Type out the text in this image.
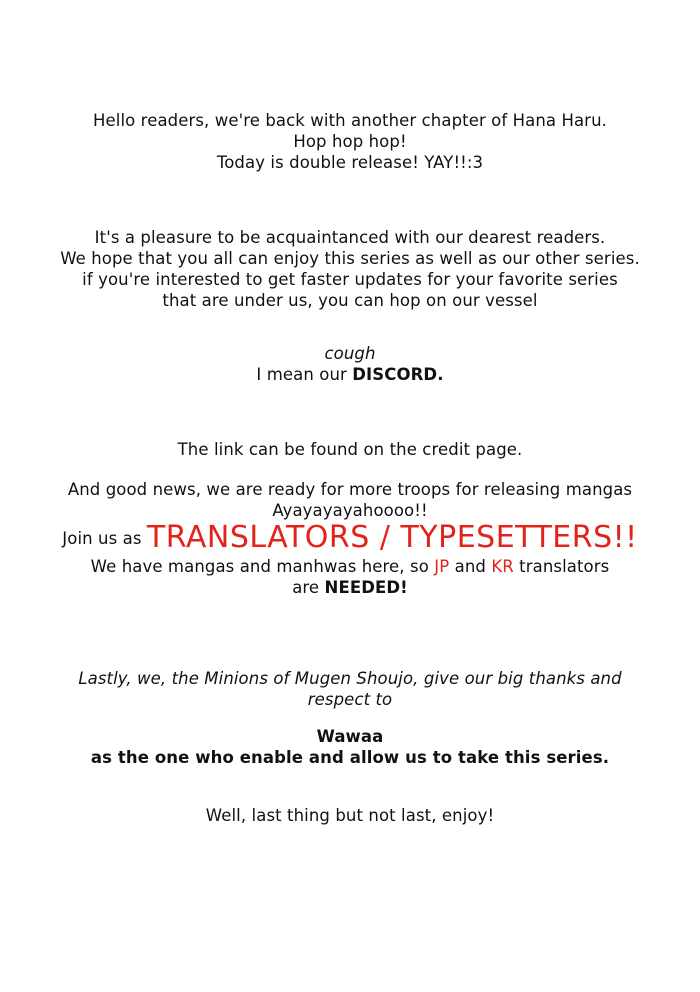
Hello readers, we're back with another chapter of Hana Haru.
Hop hop hop!
Today is double release! YAY!!:3
It's a pleasure to be acquaintanced with our dearest readers.
We hope that you all can enjoy this series as well as our other series.
if you're interested to get faster updates for your favorite series
that are under us, you can hop on our vessel
cough
I mean our DISCORD.
The link can be found on the credit page.
And good news, we are ready for more troops for releasing mangas
Ayayayayahoooo!!
Join us as TRANSLATORS / TYPESETTERS!!
We have mangas and manhwas here, so JP and KR translators
are NEEDED!
Lastly, we, the Minions of Mugen Shoujo, give our big thanks and respect to
Wawaa
as the one who enable and allow us to take this series.
Well, last thing but not last, enjoy!
